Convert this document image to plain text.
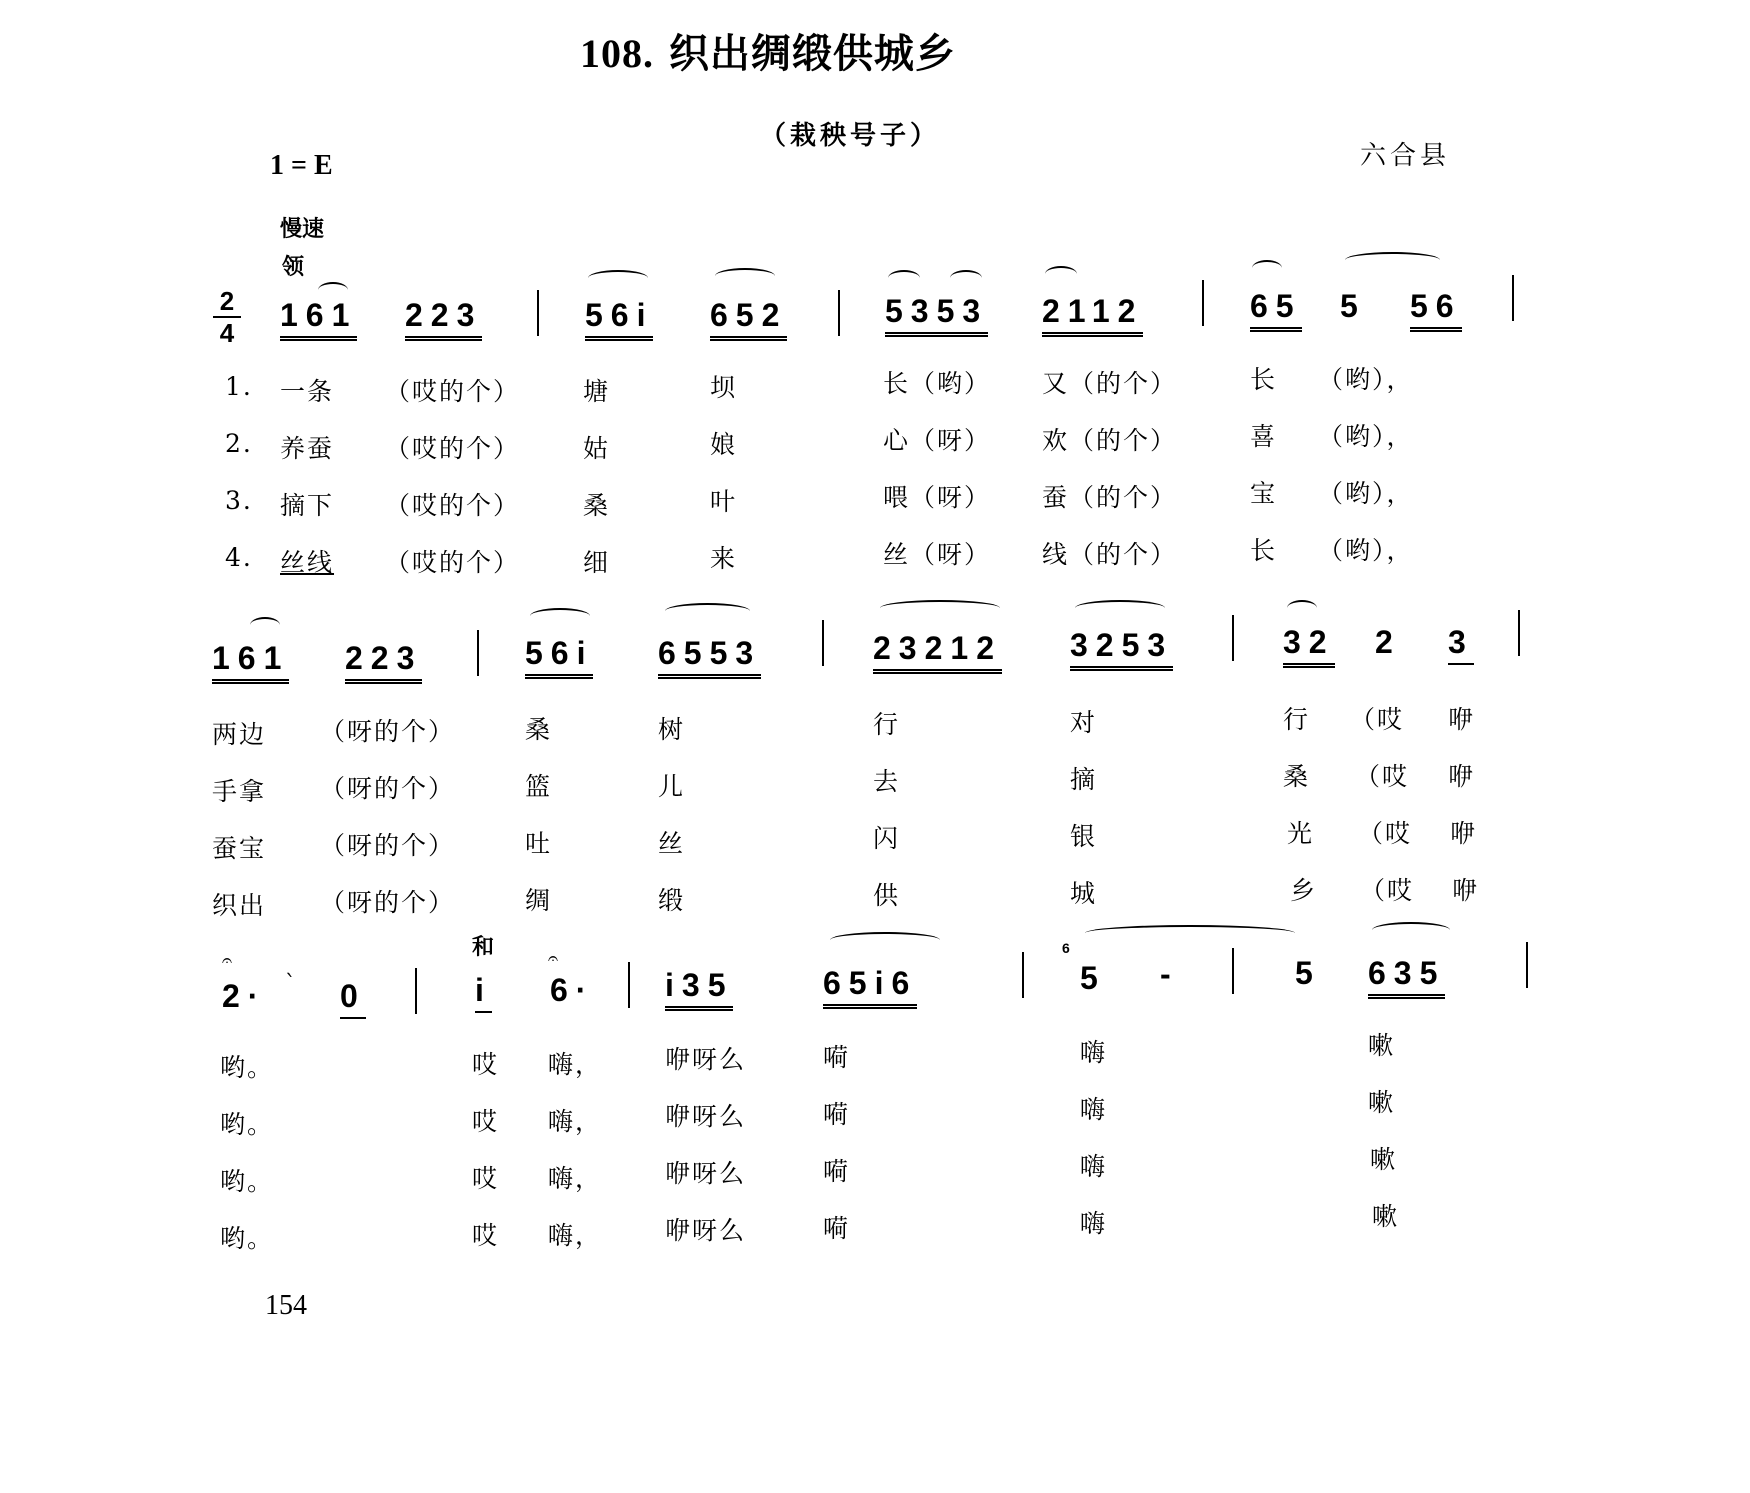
108. 织出绸缎供城乡
（栽秧号子）
六合县
1 = E
慢速
领
2
4 161 223	56i 652	5353 2112	65 5 56
1. 一条 （哎的个）	塘	坝	长（哟） 又（的个）	长 （哟），
2. 养蚕 （哎的个）	姑	娘	心（呀） 欢（的个）	喜 （哟），
3. 摘下 （哎的个）	桑	叶	喂（呀） 蚕（的个）	宝 （哟），
4. 丝线 （哎的个）	细	来	丝（呀） 线（的个）	长 （哟），
161 223	56i 6553	23212 3253	32 2 3
两边 （呀的个）	桑	树	行	对	行 （哎 咿
手拿 （呀的个）	篮	儿	去	摘	桑 （哎 咿
蚕宝 （呀的个）	吐	丝	闪	银	光 （哎 咿
织出 （呀的个）	绸	缎	供	城	乡 （哎 咿
和
𝄐
2· ` 0	i
𝄐
6· i35	65i6
6
5 -	5 635
哟。	哎 嗨，	咿呀么	嗬	嗨	嗽
哟。	哎 嗨，	咿呀么	嗬	嗨	嗽
哟。	哎 嗨，	咿呀么	嗬	嗨	嗽
哟。	哎 嗨，	咿呀么	嗬	嗨	嗽
154
